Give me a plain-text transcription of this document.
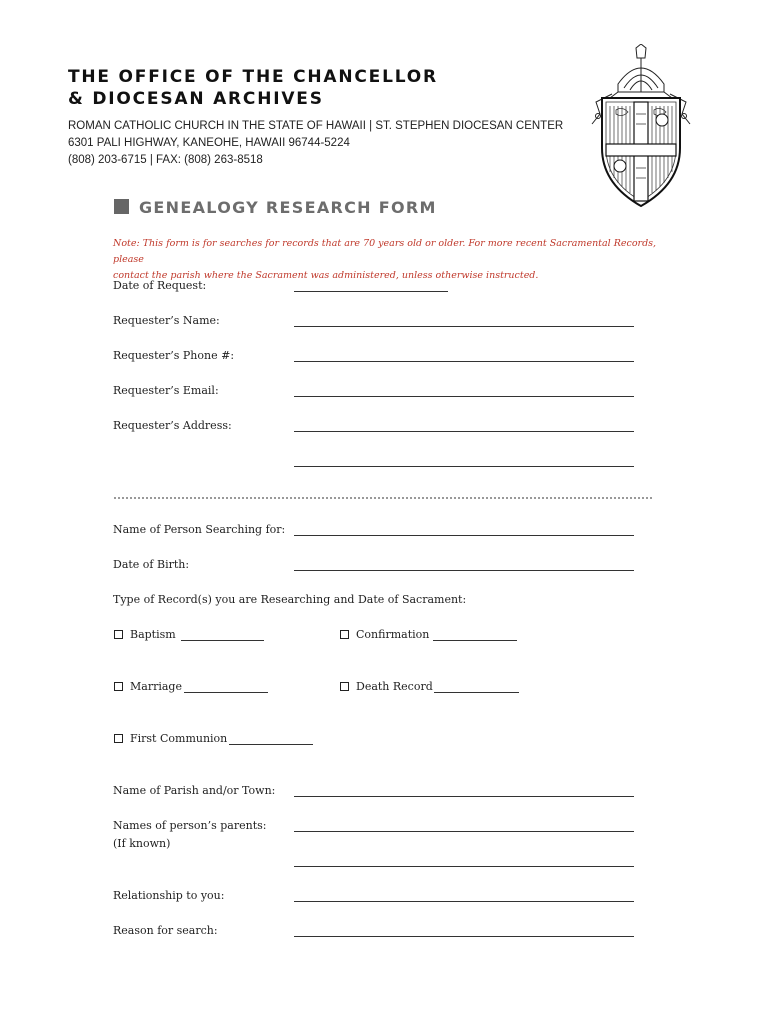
THE OFFICE OF THE CHANCELLOR
& DIOCESAN ARCHIVES
ROMAN CATHOLIC CHURCH IN THE STATE OF HAWAII | ST. STEPHEN DIOCESAN CENTER
6301 PALI HIGHWAY, KANEOHE, HAWAII 96744-5224
(808) 203-6715 | FAX: (808) 263-8518
GENEALOGY RESEARCH FORM
Note: This form is for searches for records that are 70 years old or older. For more recent Sacramental Records, please
contact the parish where the Sacrament was administered, unless otherwise instructed.
Date of Request:
Requester’s Name:
Requester’s Phone #:
Requester’s Email:
Requester’s Address:
Name of Person Searching for:
Date of Birth:
Type of Record(s) you are Researching and Date of Sacrament:
Baptism	Confirmation
Marriage	Death Record
First Communion
Name of Parish and/or Town:
Names of person’s parents:
(If known)
Relationship to you:
Reason for search:
